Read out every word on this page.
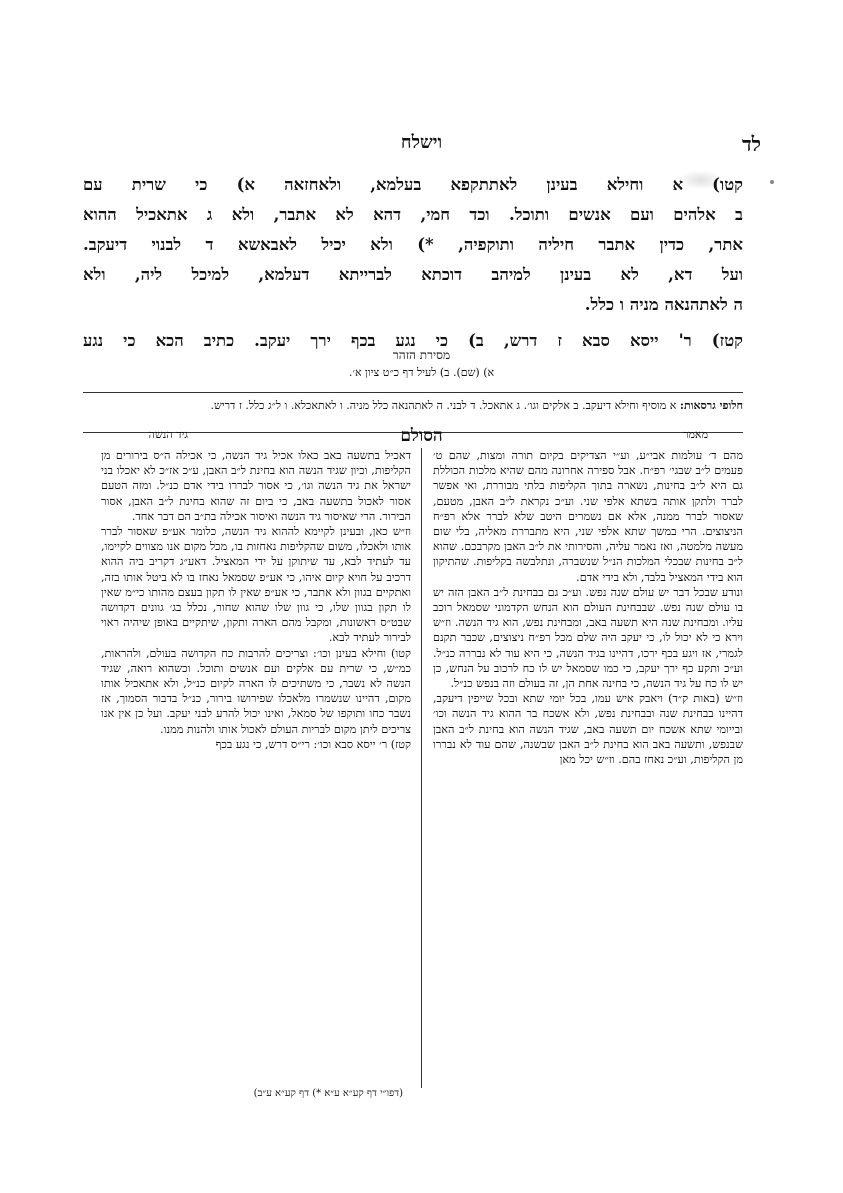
וישלח	לד
קטו) א וחילא בעינן לאתתקפא בעלמא, ולאחזאה א) כי שרית עם
ב אלהים ועם אנשים ותוכל. וכד חמי, דהא לא אתבר, ולא ג אתאכיל ההוא
אתר, כדין אתבר חיליה ותוקפיה, *) ולא יכיל לאבאשא ד לבנוי דיעקב.
ועל דא, לא בעינן למיהב דוכתא לברייתא דעלמא, למיכל ליה, ולא
ה לאתהנאה מניה ו כלל.
קטז) ר' ייסא סבא ז דרש, ב) כי נגע בכף ירך יעקב. כתיב הכא כי נגע
מסירת הזהר
א) (שם). ב) לעיל דף כ״ט ציון א׳.
חלופי גרסאות: א מוסיף וחילא דיעקב. ב אלקים וגו׳. ג אתאכל. ד לבני. ה לאתהנאה כלל מניה. ו לאתאכלא. ו ל״ג כלל. ז דריש.
מאמר
הסולם
גיד הנשה

מהם ד׳ עולמות אבי״ע, וע״י הצדיקים בקיום תורה ומצות, שהם ט׳ פעמים ל״ב שבגי׳ רפ״ח. אבל ספירה אחרונה מהם שהיא מלכות הכוללת גם היא ל״ב בחינות, נשארה בתוך הקליפות בלתי מבוררת, ואי אפשר לברר ולתקן אותה בשתא אלפי שני. וע״כ נקראת ל״ב האבן, מטעם, שאסור לברר ממנה, אלא אם נשמרים היטב שלא לברר אלא רפ״ח הניצוצים. הרי במשך שתא אלפי שני, היא מתבררת מאליה, בלי שום מעשה מלמטה, ואז נאמר עליה, והסירותי את ל״ב האבן מקרבכם. שהוא ל״ב בחינות שבכלי המלכות הנ״ל שנשברה, ונתלבשה בקליפות. שהתיקון הוא בידי המאציל בלבד, ולא בידי אדם.

ונודע שבכל דבר יש עולם שנה נפש. וע״כ גם בבחינת ל״ב האבן הזה יש בו עולם שנה נפש. שבבחינת העולם הוא הנחש הקדמוני שסמאל רוכב עליו. ומבחינת שנה היא תשעה באב, ומבחינת נפש, הוא גיד הנשה. וז״ש וירא כי לא יכול לו, כי יעקב היה שלם מכל רפ״ח ניצוצים, שכבר תקנם לגמרי, אז ויגע בכף ירכו, דהיינו בגיד הנשה, כי היא עוד לא נבררה כנ״ל. וע״כ ותקע כף ירך יעקב, כי כמו שסמאל יש לו כח לרכוב על הנחש, כן יש לו כח על גיד הנשה, כי בחינה אחת הן, זה בעולם וזה בנפש כנ״ל.

וז״ש (באות ק״ד) ויאבק איש עמו, בכל יומי שתא ובכל שייפין דיעקב, דהיינו בבחינת שנה ובבחינת נפש, ולא אשכח בר ההוא גיד הנשה וכו׳ ובייומי שתא אשכח יום תשעה באב, שגיד הנשה הוא בחינת ל״ב האבן שבנפש, ותשעה באב הוא בחינת ל״ב האבן שבשנה, שהם עוד לא נבררו מן הקליפות, וע״כ נאחז בהם. וז״ש יכל מאן

דאכיל בתשעה באב כאלו אכיל גיד הנשה, כי אכילה ה״ס בירורים מן הקליפות, וכיון שגיד הנשה הוא בחינת ל״ב האבן, ע״כ אז״כ לא יאכלו בני ישראל את גיד הנשה וגו׳, כי אסור לבררו בידי אדם כנ״ל. ומזה הטעם אסור לאכול בתשעה באב, כי ביום זה שהוא בחינת ל״ב האבן, אסור הבירור. הרי שאיסור גיד הנשה ואיסור אכילה בת״ב הם דבר אחד.

וז״ש כאן, ובעינן לקיימא לההוא גיד הנשה, כלומר אע״פ שאסור לברר אותו ולאכלו, משום שהקליפות נאחזות בו, מכל מקום אנו מצווים לקיימו, עד לעתיד לבא, עד שיתוקן על ידי המאציל. דאע״ג דקריב ביה ההוא דרכיב על חויא קיום איהו, כי אע״פ שסמאל נאחז בו לא ביטל אותו בזה, ואתקיים בגוון ולא אתבר, כי אע״פ שאין לו תקון בעצם מהותו כי״מ שאין לו תקון בגוון שלו, כי גוון שלו שהוא שחור, נכלל בג׳ גוונים דקדושה שבט״ס ראשונות, ומקבל מהם הארה ותקון, שיתקיים באופן שיהיה ראוי לבירור לעתיד לבא.

קטו) וחילא בעינן וכו׳: וצריכים להרבות כח הקדושה בעולם, ולהראות, כמ״ש, כי שרית עם אלקים ועם אנשים ותוכל. וכשהוא רואה, שגיד הנשה לא נשבר, כי משתיכים לו הארה לקיום כנ״ל, ולא אתאכיל אותו מקום, דהיינו שנשמרו מלאכלו שפירושו בירור, כנ״ל בדבור הסמוך, אז נשבר כחו ותוקפו של סמאל, ואינו יכול להרע לבני יעקב. ועל כן אין אנו צריכים ליתן מקום לבריות העולם לאכול אותו ולהנות ממנו.

קטז) ר׳ ייסא סבא וכו׳: רי״ס דרש, כי נגע בכף

(דפו״י דף קע״א ע״א *) דף קע״א ע״ב)
